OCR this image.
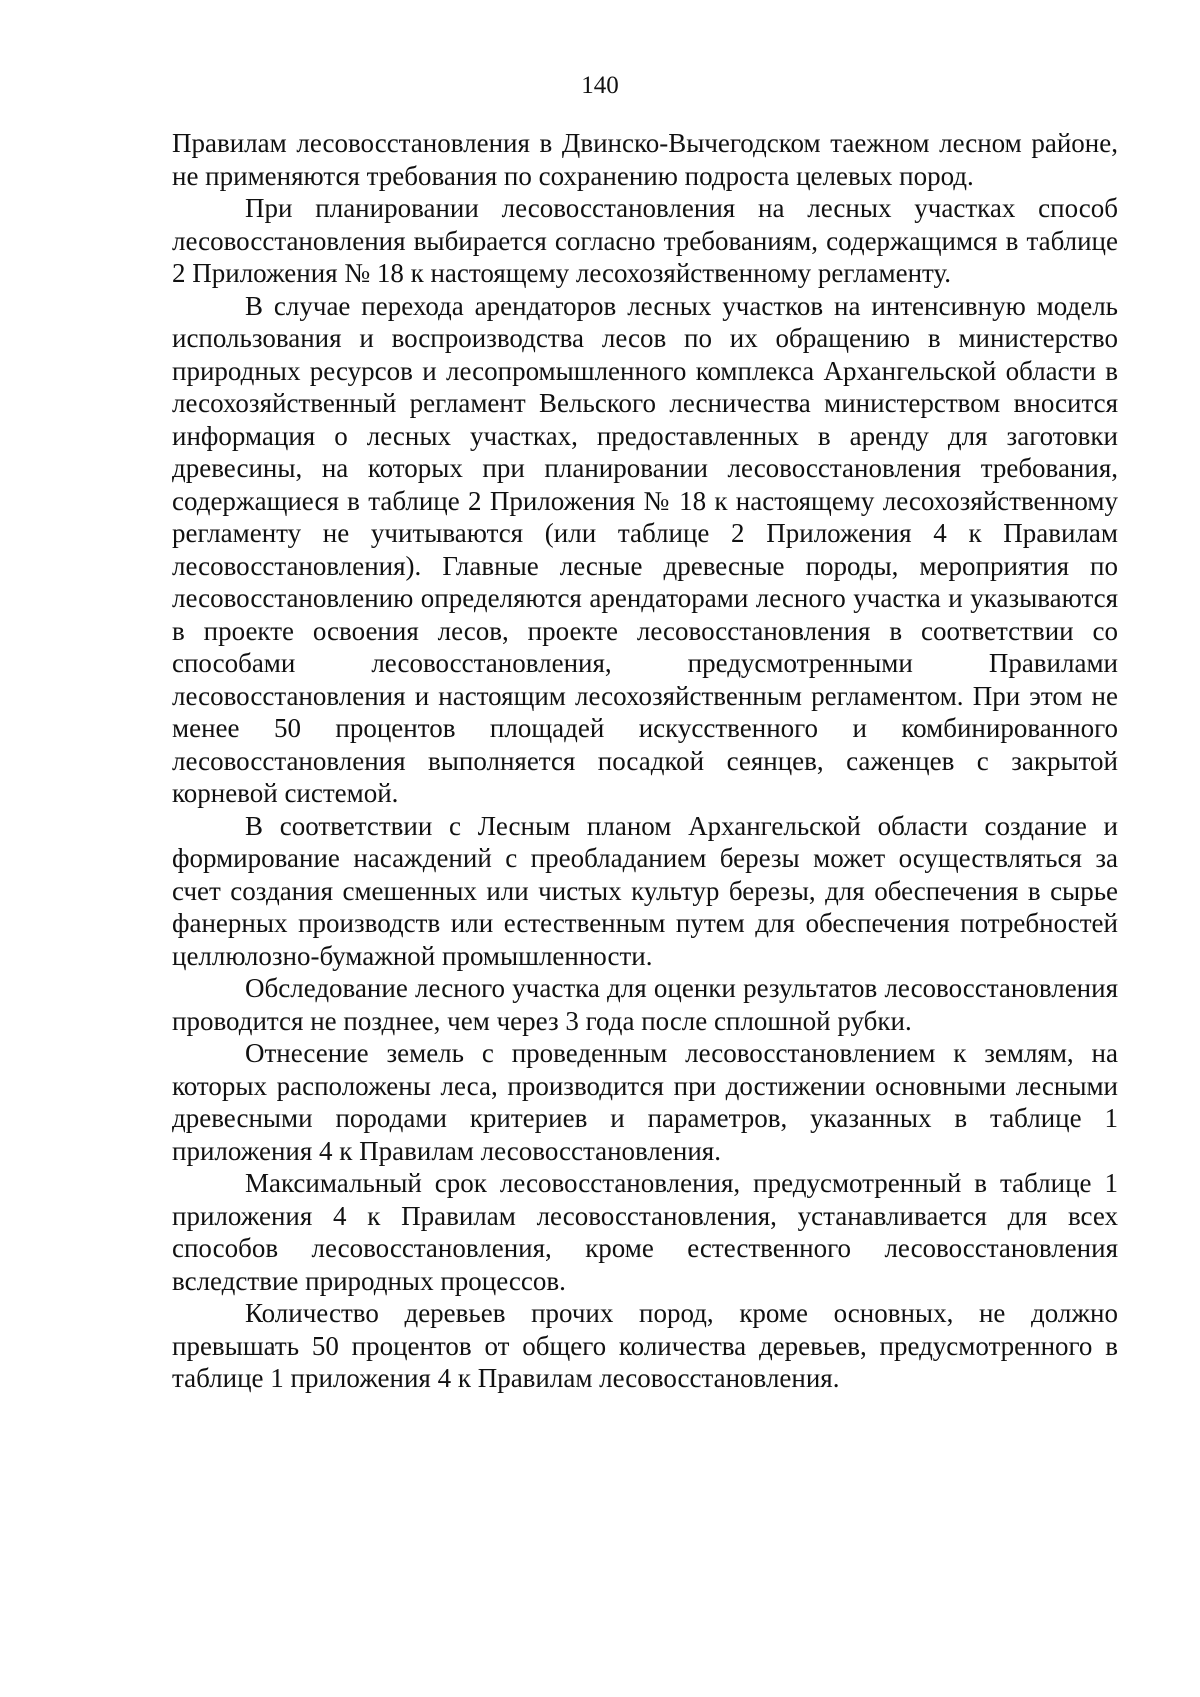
140

Правилам лесовосстановления в Двинско-Вычегодском таежном лесном районе, не применяются требования по сохранению подроста целевых пород.

При планировании лесовосстановления на лесных участках способ лесовосстановления выбирается согласно требованиям, содержащимся в таблице 2 Приложения № 18 к настоящему лесохозяйственному регламенту.

В случае перехода арендаторов лесных участков на интенсивную модель использования и воспроизводства лесов по их обращению в министерство природных ресурсов и лесопромышленного комплекса Архангельской области в лесохозяйственный регламент Вельского лесничества министерством вносится информация о лесных участках, предоставленных в аренду для заготовки древесины, на которых при планировании лесовосстановления требования, содержащиеся в таблице 2 Приложения № 18 к настоящему лесохозяйственному регламенту не учитываются (или таблице 2 Приложения 4 к Правилам лесовосстановления). Главные лесные древесные породы, мероприятия по лесовосстановлению определяются арендаторами лесного участка и указываются в проекте освоения лесов, проекте лесовосстановления в соответствии со способами лесовосстановления, предусмотренными Правилами лесовосстановления и настоящим лесохозяйственным регламентом. При этом не менее 50 процентов площадей искусственного и комбинированного лесовосстановления выполняется посадкой сеянцев, саженцев с закрытой корневой системой.

В соответствии с Лесным планом Архангельской области создание и формирование насаждений с преобладанием березы может осуществляться за счет создания смешенных или чистых культур березы, для обеспечения в сырье фанерных производств или естественным путем для обеспечения потребностей целлюлозно-бумажной промышленности.

Обследование лесного участка для оценки результатов лесовосстановления проводится не позднее, чем через 3 года после сплошной рубки.

Отнесение земель с проведенным лесовосстановлением к землям, на которых расположены леса, производится при достижении основными лесными древесными породами критериев и параметров, указанных в таблице 1 приложения 4 к Правилам лесовосстановления.

Максимальный срок лесовосстановления, предусмотренный в таблице 1 приложения 4 к Правилам лесовосстановления, устанавливается для всех способов лесовосстановления, кроме естественного лесовосстановления вследствие природных процессов.

Количество деревьев прочих пород, кроме основных, не должно превышать 50 процентов от общего количества деревьев, предусмотренного в таблице 1 приложения 4 к Правилам лесовосстановления.
